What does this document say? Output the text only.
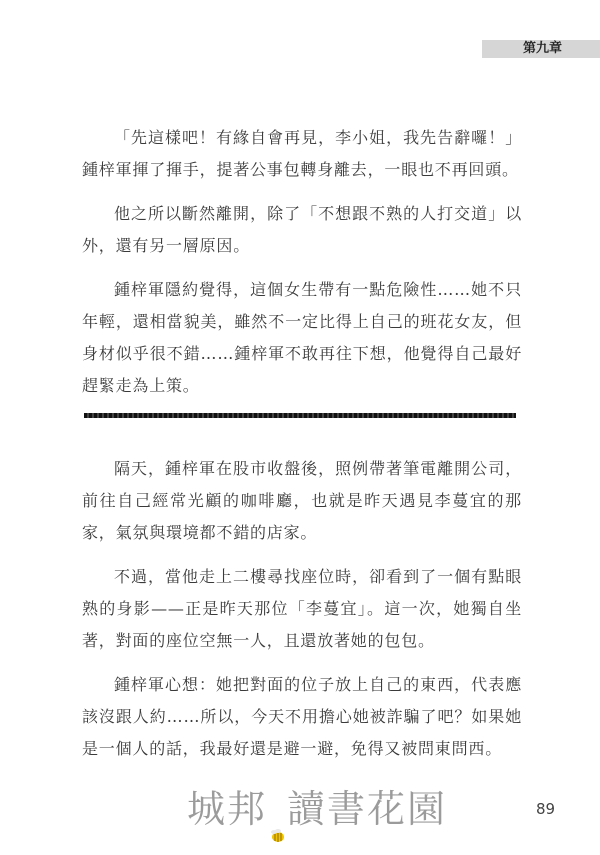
第九章

「先這樣吧！有緣自會再見，李小姐，我先告辭囉！」鍾梓軍揮了揮手，提著公事包轉身離去，一眼也不再回頭。

他之所以斷然離開，除了「不想跟不熟的人打交道」以外，還有另一層原因。

鍾梓軍隱約覺得，這個女生帶有一點危險性……她不只年輕，還相當貌美，雖然不一定比得上自己的班花女友，但身材似乎很不錯……鍾梓軍不敢再往下想，他覺得自己最好趕緊走為上策。

隔天，鍾梓軍在股市收盤後，照例帶著筆電離開公司，前往自己經常光顧的咖啡廳，也就是昨天遇見李蔓宜的那家，氣氛與環境都不錯的店家。

不過，當他走上二樓尋找座位時，卻看到了一個有點眼熟的身影——正是昨天那位「李蔓宜」。這一次，她獨自坐著，對面的座位空無一人，且還放著她的包包。

鍾梓軍心想：她把對面的位子放上自己的東西，代表應該沒跟人約……所以，今天不用擔心她被詐騙了吧？如果她是一個人的話，我最好還是避一避，免得又被問東問西。

城邦 讀書花園	89
